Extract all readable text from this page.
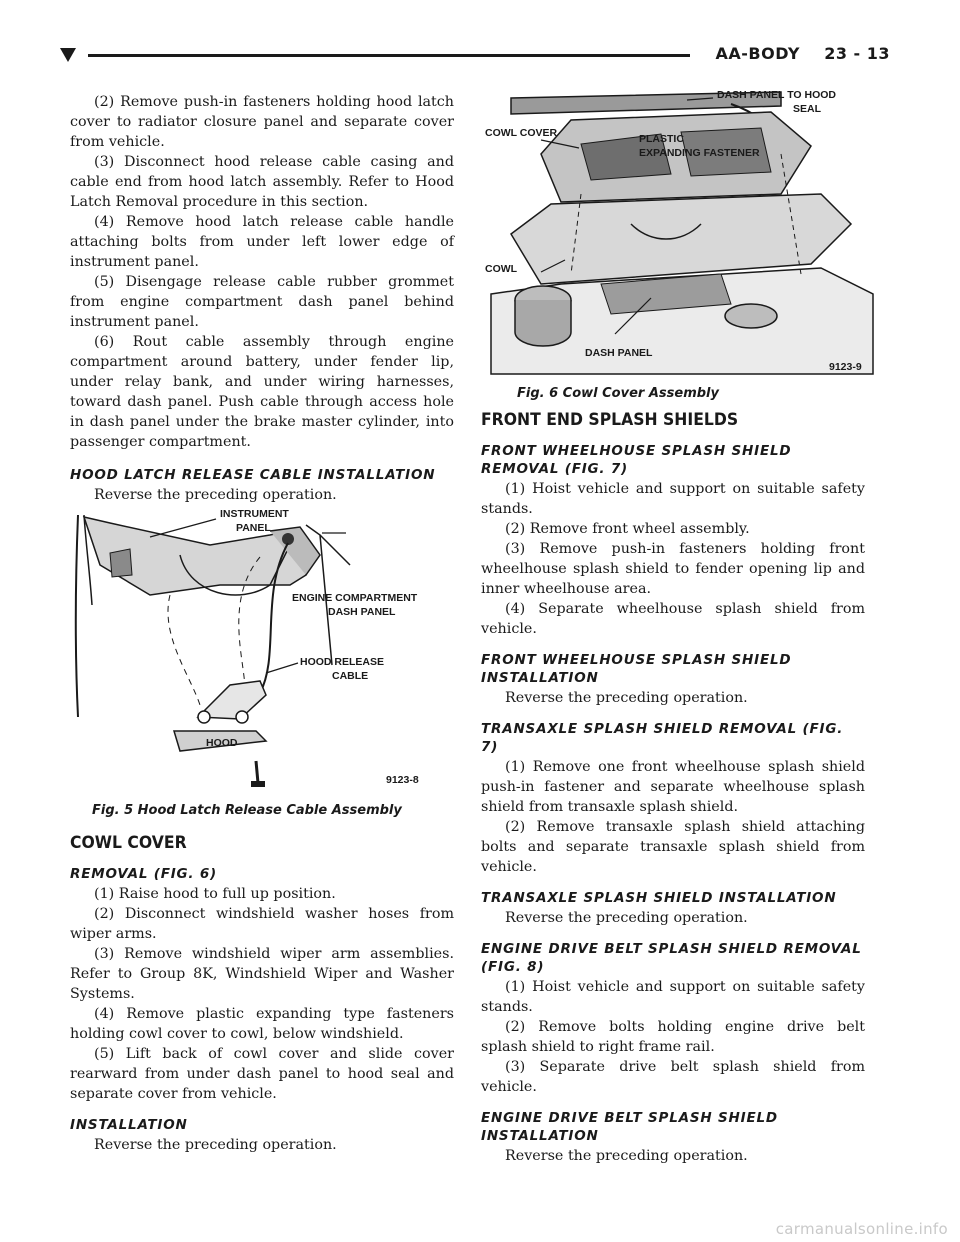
AA-BODY 23 - 13

(2) Remove push-in fasteners holding hood latch cover to radiator closure panel and separate cover from vehicle.

(3) Disconnect hood release cable casing and cable end from hood latch assembly. Refer to Hood Latch Removal procedure in this section.

(4) Remove hood latch release cable handle attaching bolts from under left lower edge of instrument panel.

(5) Disengage release cable rubber grommet from engine compartment dash panel behind instrument panel.

(6) Rout cable assembly through engine compartment around battery, under fender lip, under relay bank, and under wiring harnesses, toward dash panel. Push cable through access hole in dash panel under the brake master cylinder, into passenger compartment.

HOOD LATCH RELEASE CABLE INSTALLATION

Reverse the preceding operation.

HOOD
INSTRUMENT
PANEL
ENGINE COMPARTMENT
DASH PANEL
HOOD RELEASE
CABLE
9123-8
Fig. 5 Hood Latch Release Cable Assembly
COWL COVER
REMOVAL (FIG. 6)

(1) Raise hood to full up position.

(2) Disconnect windshield washer hoses from wiper arms.

(3) Remove windshield wiper arm assemblies. Refer to Group 8K, Windshield Wiper and Washer Systems.

(4) Remove plastic expanding type fasteners holding cowl cover to cowl, below windshield.

(5) Lift back of cowl cover and slide cover rearward from under dash panel to hood seal and separate cover from vehicle.

INSTALLATION

Reverse the preceding operation.

DASH PANEL TO HOOD
SEAL
COWL COVER	PLASTIC
EXPANDING FASTENER
COWL
DASH PANEL
9123-9
Fig. 6 Cowl Cover Assembly
FRONT END SPLASH SHIELDS
FRONT WHEELHOUSE SPLASH SHIELD REMOVAL (FIG. 7)

(1) Hoist vehicle and support on suitable safety stands.

(2) Remove front wheel assembly.

(3) Remove push-in fasteners holding front wheelhouse splash shield to fender opening lip and inner wheelhouse area.

(4) Separate wheelhouse splash shield from vehicle.

FRONT WHEELHOUSE SPLASH SHIELD INSTALLATION

Reverse the preceding operation.

TRANSAXLE SPLASH SHIELD REMOVAL (FIG. 7)

(1) Remove one front wheelhouse splash shield push-in fastener and separate wheelhouse splash shield from transaxle splash shield.

(2) Remove transaxle splash shield attaching bolts and separate transaxle splash shield from vehicle.

TRANSAXLE SPLASH SHIELD INSTALLATION

Reverse the preceding operation.

ENGINE DRIVE BELT SPLASH SHIELD REMOVAL (FIG. 8)

(1) Hoist vehicle and support on suitable safety stands.

(2) Remove bolts holding engine drive belt splash shield to right frame rail.

(3) Separate drive belt splash shield from vehicle.

ENGINE DRIVE BELT SPLASH SHIELD INSTALLATION

Reverse the preceding operation.

carmanualsonline.info
